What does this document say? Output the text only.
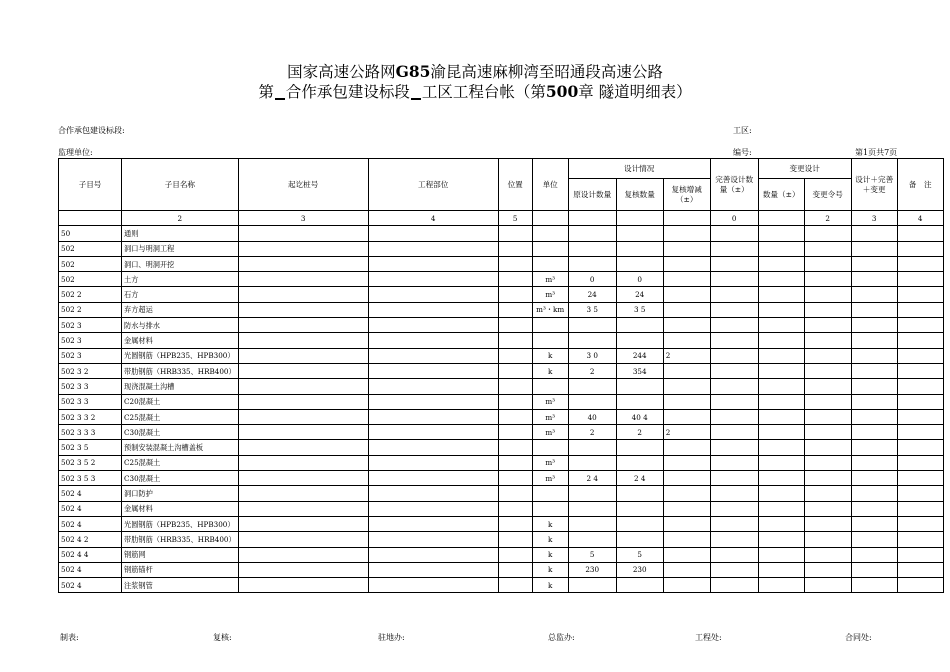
国家高速公路网G85渝昆高速麻柳湾至昭通段高速公路
第 合作承包建设标段 工区工程台帐（第500章 隧道明细表）
合作承包建设标段:	工区:
监理单位:	编号:	第1页共7页
子目号	子目名称	起讫桩号	工程部位	位置	单位	设计情况			完善设计数量（±）	变更设计		设计＋完善＋变更	备　注
						原设计数量	复核数量	复核增减（±）		数量（±）	变更令号		
	2	3	4	5					0		2	3	4
50	通则												
502	洞口与明洞工程												
502	洞口、明洞开挖												
502	土方				m³	0	0						
502 2	石方				m³	24	24						
502 2	弃方超运				m³・km	3 5	3 5						
502 3	防水与排水												
502 3	金属材料												
502 3	光圆钢筋（HPB235、HPB300）				k	3 0	244	2					
502 3 2	带肋钢筋（HRB335、HRB400）				k	2	354						
502 3 3	现浇混凝土沟槽												
502 3 3	C20混凝土				m³								
502 3 3 2	C25混凝土				m³	40	40 4						
502 3 3 3	C30混凝土				m³	2	2	2					
502 3 5	预制安装混凝土沟槽盖板												
502 3 5 2	C25混凝土				m³								
502 3 5 3	C30混凝土				m³	2 4	2 4						
502 4	洞口防护												
502 4	金属材料												
502 4	光圆钢筋（HPB235、HPB300）				k								
502 4 2	带肋钢筋（HRB335、HRB400）				k								
502 4 4	钢筋网				k	5	5						
502 4	钢筋锚杆				k	230	230						
502 4	注浆钢管				k								
制表:	复核:	驻地办:	总监办:	工程处:	合同处:
